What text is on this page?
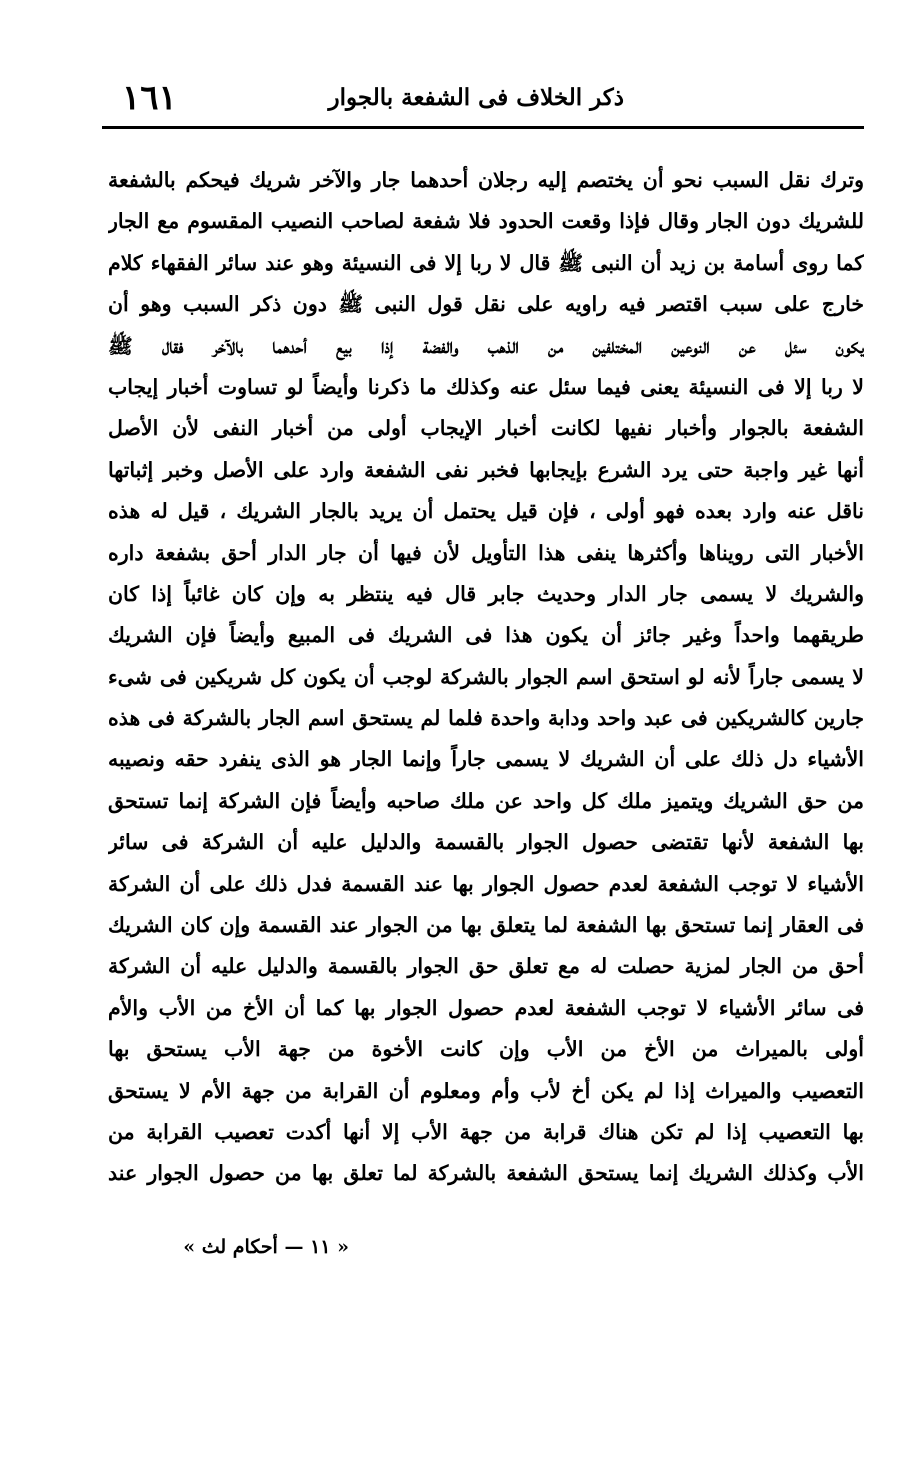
ذكر الخلاف فى الشفعة بالجوار
١٦١
وترك نقل السبب نحو أن يختصم إليه رجلان أحدهما جار والآخر شريك فيحكم بالشفعة
للشريك دون الجار وقال فإذا وقعت الحدود فلا شفعة لصاحب النصيب المقسوم مع الجار
كما روى أسامة بن زيد أن النبى ﷺ قال لا ربا إلا فى النسيئة وهو عند سائر الفقهاء كلام
خارج على سبب اقتصر فيه راويه على نقل قول النبى ﷺ دون ذكر السبب وهو أن
يكون سئل عن النوعين المختلفين من الذهب والفضة إذا بيع أحدهما بالآخر فقال ﷺ
لا ربا إلا فى النسيئة يعنى فيما سئل عنه وكذلك ما ذكرنا وأيضاً لو تساوت أخبار إيجاب
الشفعة بالجوار وأخبار نفيها لكانت أخبار الإيجاب أولى من أخبار النفى لأن الأصل
أنها غير واجبة حتى يرد الشرع بإيجابها فخبر نفى الشفعة وارد على الأصل وخبر إثباتها
ناقل عنه وارد بعده فهو أولى ، فإن قيل يحتمل أن يريد بالجار الشريك ، قيل له هذه
الأخبار التى رويناها وأكثرها ينفى هذا التأويل لأن فيها أن جار الدار أحق بشفعة داره
والشريك لا يسمى جار الدار وحديث جابر قال فيه ينتظر به وإن كان غائباً إذا كان
طريقهما واحداً وغير جائز أن يكون هذا فى الشريك فى المبيع وأيضاً فإن الشريك
لا يسمى جاراً لأنه لو استحق اسم الجوار بالشركة لوجب أن يكون كل شريكين فى شىء
جارين كالشريكين فى عبد واحد ودابة واحدة فلما لم يستحق اسم الجار بالشركة فى هذه
الأشياء دل ذلك على أن الشريك لا يسمى جاراً وإنما الجار هو الذى ينفرد حقه ونصيبه
من حق الشريك ويتميز ملك كل واحد عن ملك صاحبه وأيضاً فإن الشركة إنما تستحق
بها الشفعة لأنها تقتضى حصول الجوار بالقسمة والدليل عليه أن الشركة فى سائر
الأشياء لا توجب الشفعة لعدم حصول الجوار بها عند القسمة فدل ذلك على أن الشركة
فى العقار إنما تستحق بها الشفعة لما يتعلق بها من الجوار عند القسمة وإن كان الشريك
أحق من الجار لمزية حصلت له مع تعلق حق الجوار بالقسمة والدليل عليه أن الشركة
فى سائر الأشياء لا توجب الشفعة لعدم حصول الجوار بها كما أن الأخ من الأب والأم
أولى بالميراث من الأخ من الأب وإن كانت الأخوة من جهة الأب يستحق بها
التعصيب والميراث إذا لم يكن أخ لأب وأم ومعلوم أن القرابة من جهة الأم لا يستحق
بها التعصيب إذا لم تكن هناك قرابة من جهة الأب إلا أنها أكدت تعصيب القرابة من
الأب وكذلك الشريك إنما يستحق الشفعة بالشركة لما تعلق بها من حصول الجوار عند
« ١١ — أحكام لث »
